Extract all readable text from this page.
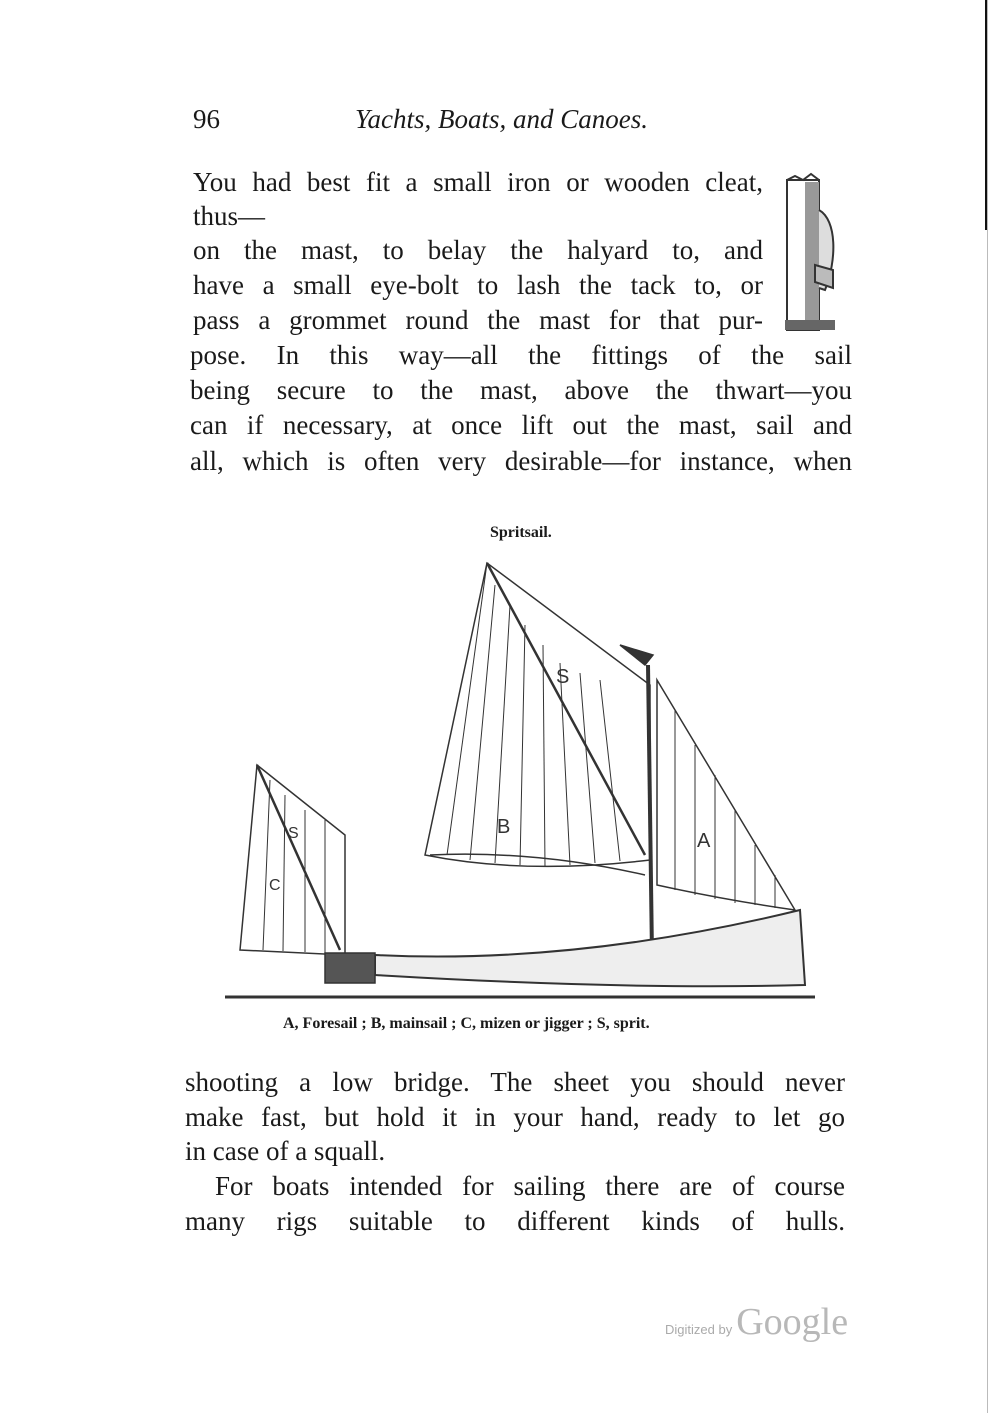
96	Yachts, Boats, and Canoes.
You had best fit a small iron or wooden cleat,
thus—
on the mast, to belay the halyard to, and
have a small eye-bolt to lash the tack to, or
pass a grommet round the mast for that pur-
pose. In this way—all the fittings of the sail
being secure to the mast, above the thwart—you
can if necessary, at once lift out the mast, sail and
all, which is often very desirable—for instance, when
Spritsail.
S
B
A
S
C
A, Foresail ; B, mainsail ; C, mizen or jigger ; S, sprit.
shooting a low bridge. The sheet you should never
make fast, but hold it in your hand, ready to let go
in case of a squall.
For boats intended for sailing there are of course
many rigs suitable to different kinds of hulls.
Digitized by Google
